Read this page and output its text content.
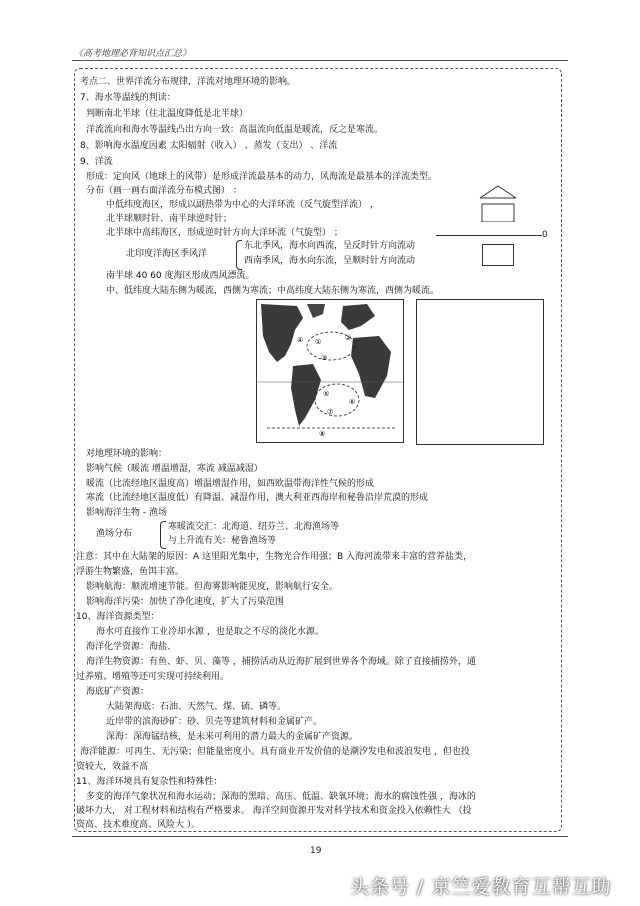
《高考地理必背知识点汇总》
考点二、世界洋流分布规律，洋流对地理环境的影响。
7、海水等温线的判读：
判断南北半球（往北温度降低是北半球）
洋流流向和海水等温线凸出方向一致：高温流向低温是暖流，反之是寒流。
8、影响海水温度因素 太阳辐射（收入） 、蒸发（支出） 、洋流
9、洋流
形成：定向风（地球上的风带）是形成洋流最基本的动力，风海流是最基本的洋流类型。
分布（画一画右面洋流分布模式图） ：
中低纬度海区，形成以副热带为中心的大洋环流（反气旋型洋流） ，
北半球顺时针、南半球逆时针；
北半球中高纬海区，形成逆时针方向大洋环流（气旋型） ；
北印度洋海区季风洋
东北季风，海水向西流，呈反时针方向流动
西南季风，海水向东流，呈顺时针方向流动
南半球 40 60 度海区形成西风漂流。
中、低纬度大陆东侧为暖流，西侧为寒流；中高纬度大陆东侧为寒流，西侧为暖流。
0
①	②
③
④
⑤
⑥
⑦
⑧
对地理环境的影响：
影响气候（暖流 增温增湿，寒流 减温减湿）
暖流（比流经地区温度高）增温增湿作用，如西欧温带海洋性气候的形成
寒流（比流经地区温度低）有降温、减湿作用，澳大利亚西海岸和秘鲁沿岸荒漠的形成
影响海洋生物 - 渔场
渔场分布
寒暖流交汇：北海道、纽芬兰、北海渔场等
与上升流有关：秘鲁渔场等
注意：其中在大陆架的原因：A 这里阳光集中，生物光合作用强；B 入海河流带来丰富的营养盐类，
浮游生物繁盛，鱼饵丰富。
影响航海：顺流增速节能。但海雾影响能见度，影响航行安全。
影响海洋污染：加快了净化速度，扩大了污染范围
10、海洋资源类型：
海水可直接作工业冷却水源 ，也是取之不尽的淡化水源。
海洋化学资源：海盐、
海洋生物资源：有鱼、虾、贝、藻等 ，捕捞活动从近海扩展到世界各个海域。除了直接捕捞外，通
过养殖、增殖等还可实现可持续利用。
海底矿产资源：
大陆架海底：石油、天然气、煤、硫、磷等。
近岸带的滨海砂矿：砂、贝壳等建筑材料和金属矿产。
深海：深海锰结核，是未来可利用的潜力最大的金属矿产资源。
海洋能源：可再生、无污染；但能量密度小。具有商业开发价值的是潮汐发电和波浪发电 ，但也投
资较大，效益不高
11、海洋环境具有复杂性和特殊性：
多变的海洋气象状况和海水运动；深海的黑暗、高压、低温、缺氧环境；海水的腐蚀性强 ，海冰的
破坏力大， 对工程材料和结构有严格要求。 海洋空间资源开发对科学技术和资金投入依赖性大 （投
资高、技术难度高、风险大 ）。
19
头条号 / 京竺爱教育互帮互助
